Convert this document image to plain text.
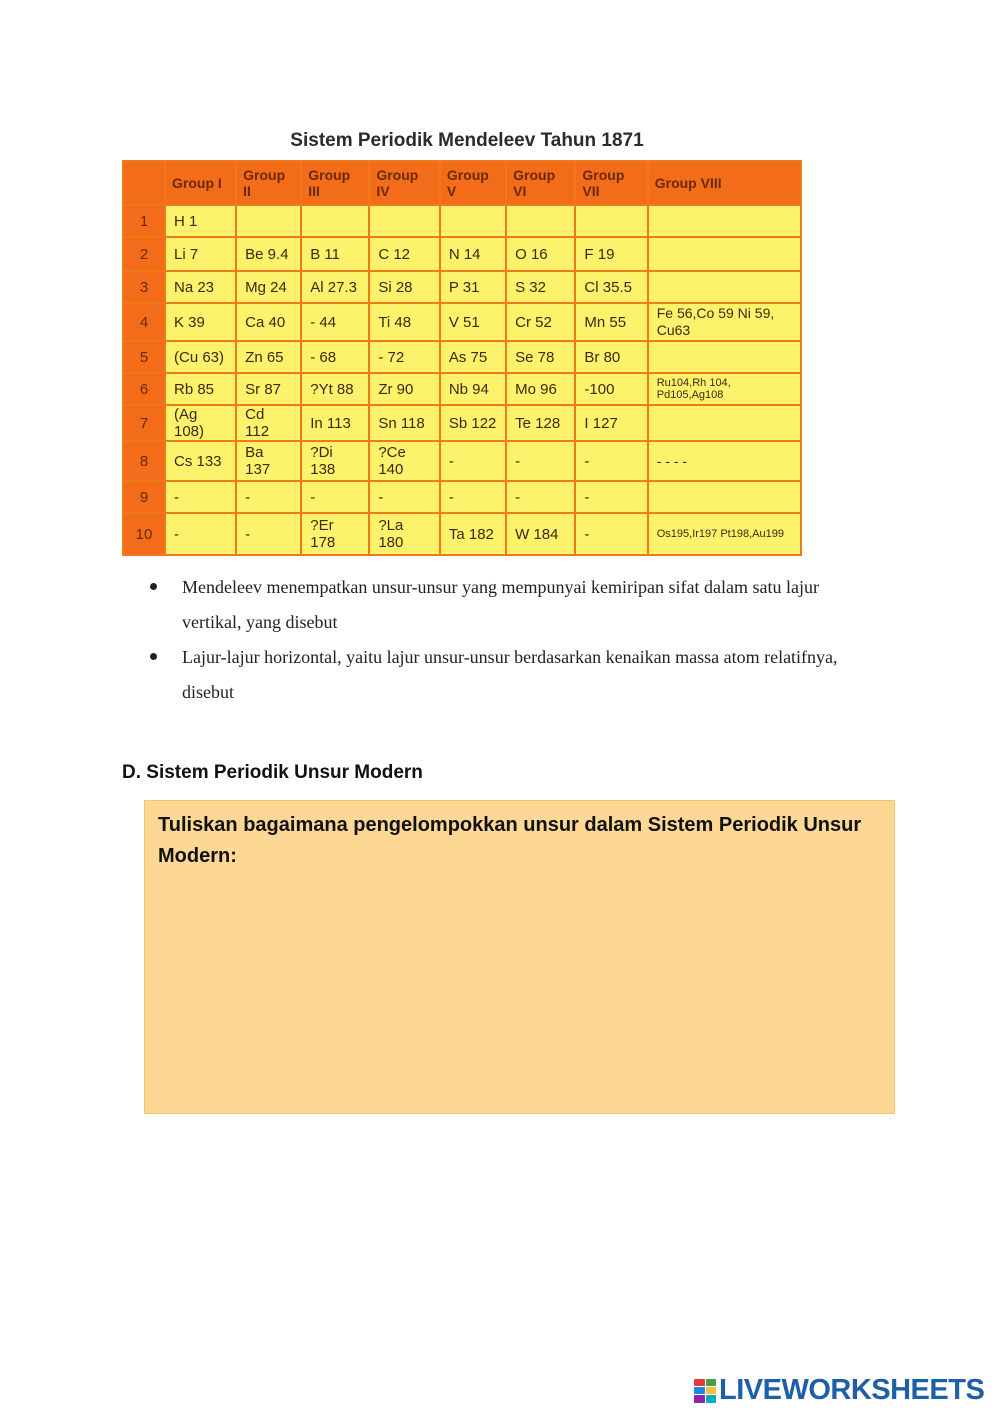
Sistem Periodik Mendeleev Tahun 1871
	Group I	Group II	Group III	Group IV	Group V	Group VI	Group VII	Group VIII
1	H 1							
2	Li 7	Be 9.4	B 11	C 12	N 14	O 16	F 19	
3	Na 23	Mg 24	Al 27.3	Si 28	P 31	S 32	Cl 35.5	
4	K 39	Ca 40	- 44	Ti 48	V 51	Cr 52	Mn 55	Fe 56,Co 59 Ni 59, Cu63
5	(Cu 63)	Zn 65	- 68	- 72	As 75	Se 78	Br 80	
6	Rb 85	Sr 87	?Yt 88	Zr 90	Nb 94	Mo 96	-100	Ru104,Rh 104, Pd105,Ag108
7	(Ag 108)	Cd 112	In 113	Sn 118	Sb 122	Te 128	I 127	
8	Cs 133	Ba 137	?Di 138	?Ce 140	-	-	-	- - - -
9	-	-	-	-	-	-	-	
10	-	-	?Er 178	?La 180	Ta 182	W 184	-	Os195,Ir197 Pt198,Au199
Mendeleev menempatkan unsur-unsur yang mempunyai kemiripan sifat dalam satu lajur vertikal, yang disebut
Lajur-lajur horizontal, yaitu lajur unsur-unsur berdasarkan kenaikan massa atom relatifnya, disebut
D. Sistem Periodik Unsur Modern
Tuliskan bagaimana pengelompokkan unsur dalam Sistem Periodik Unsur Modern:
LIVEWORKSHEETS
